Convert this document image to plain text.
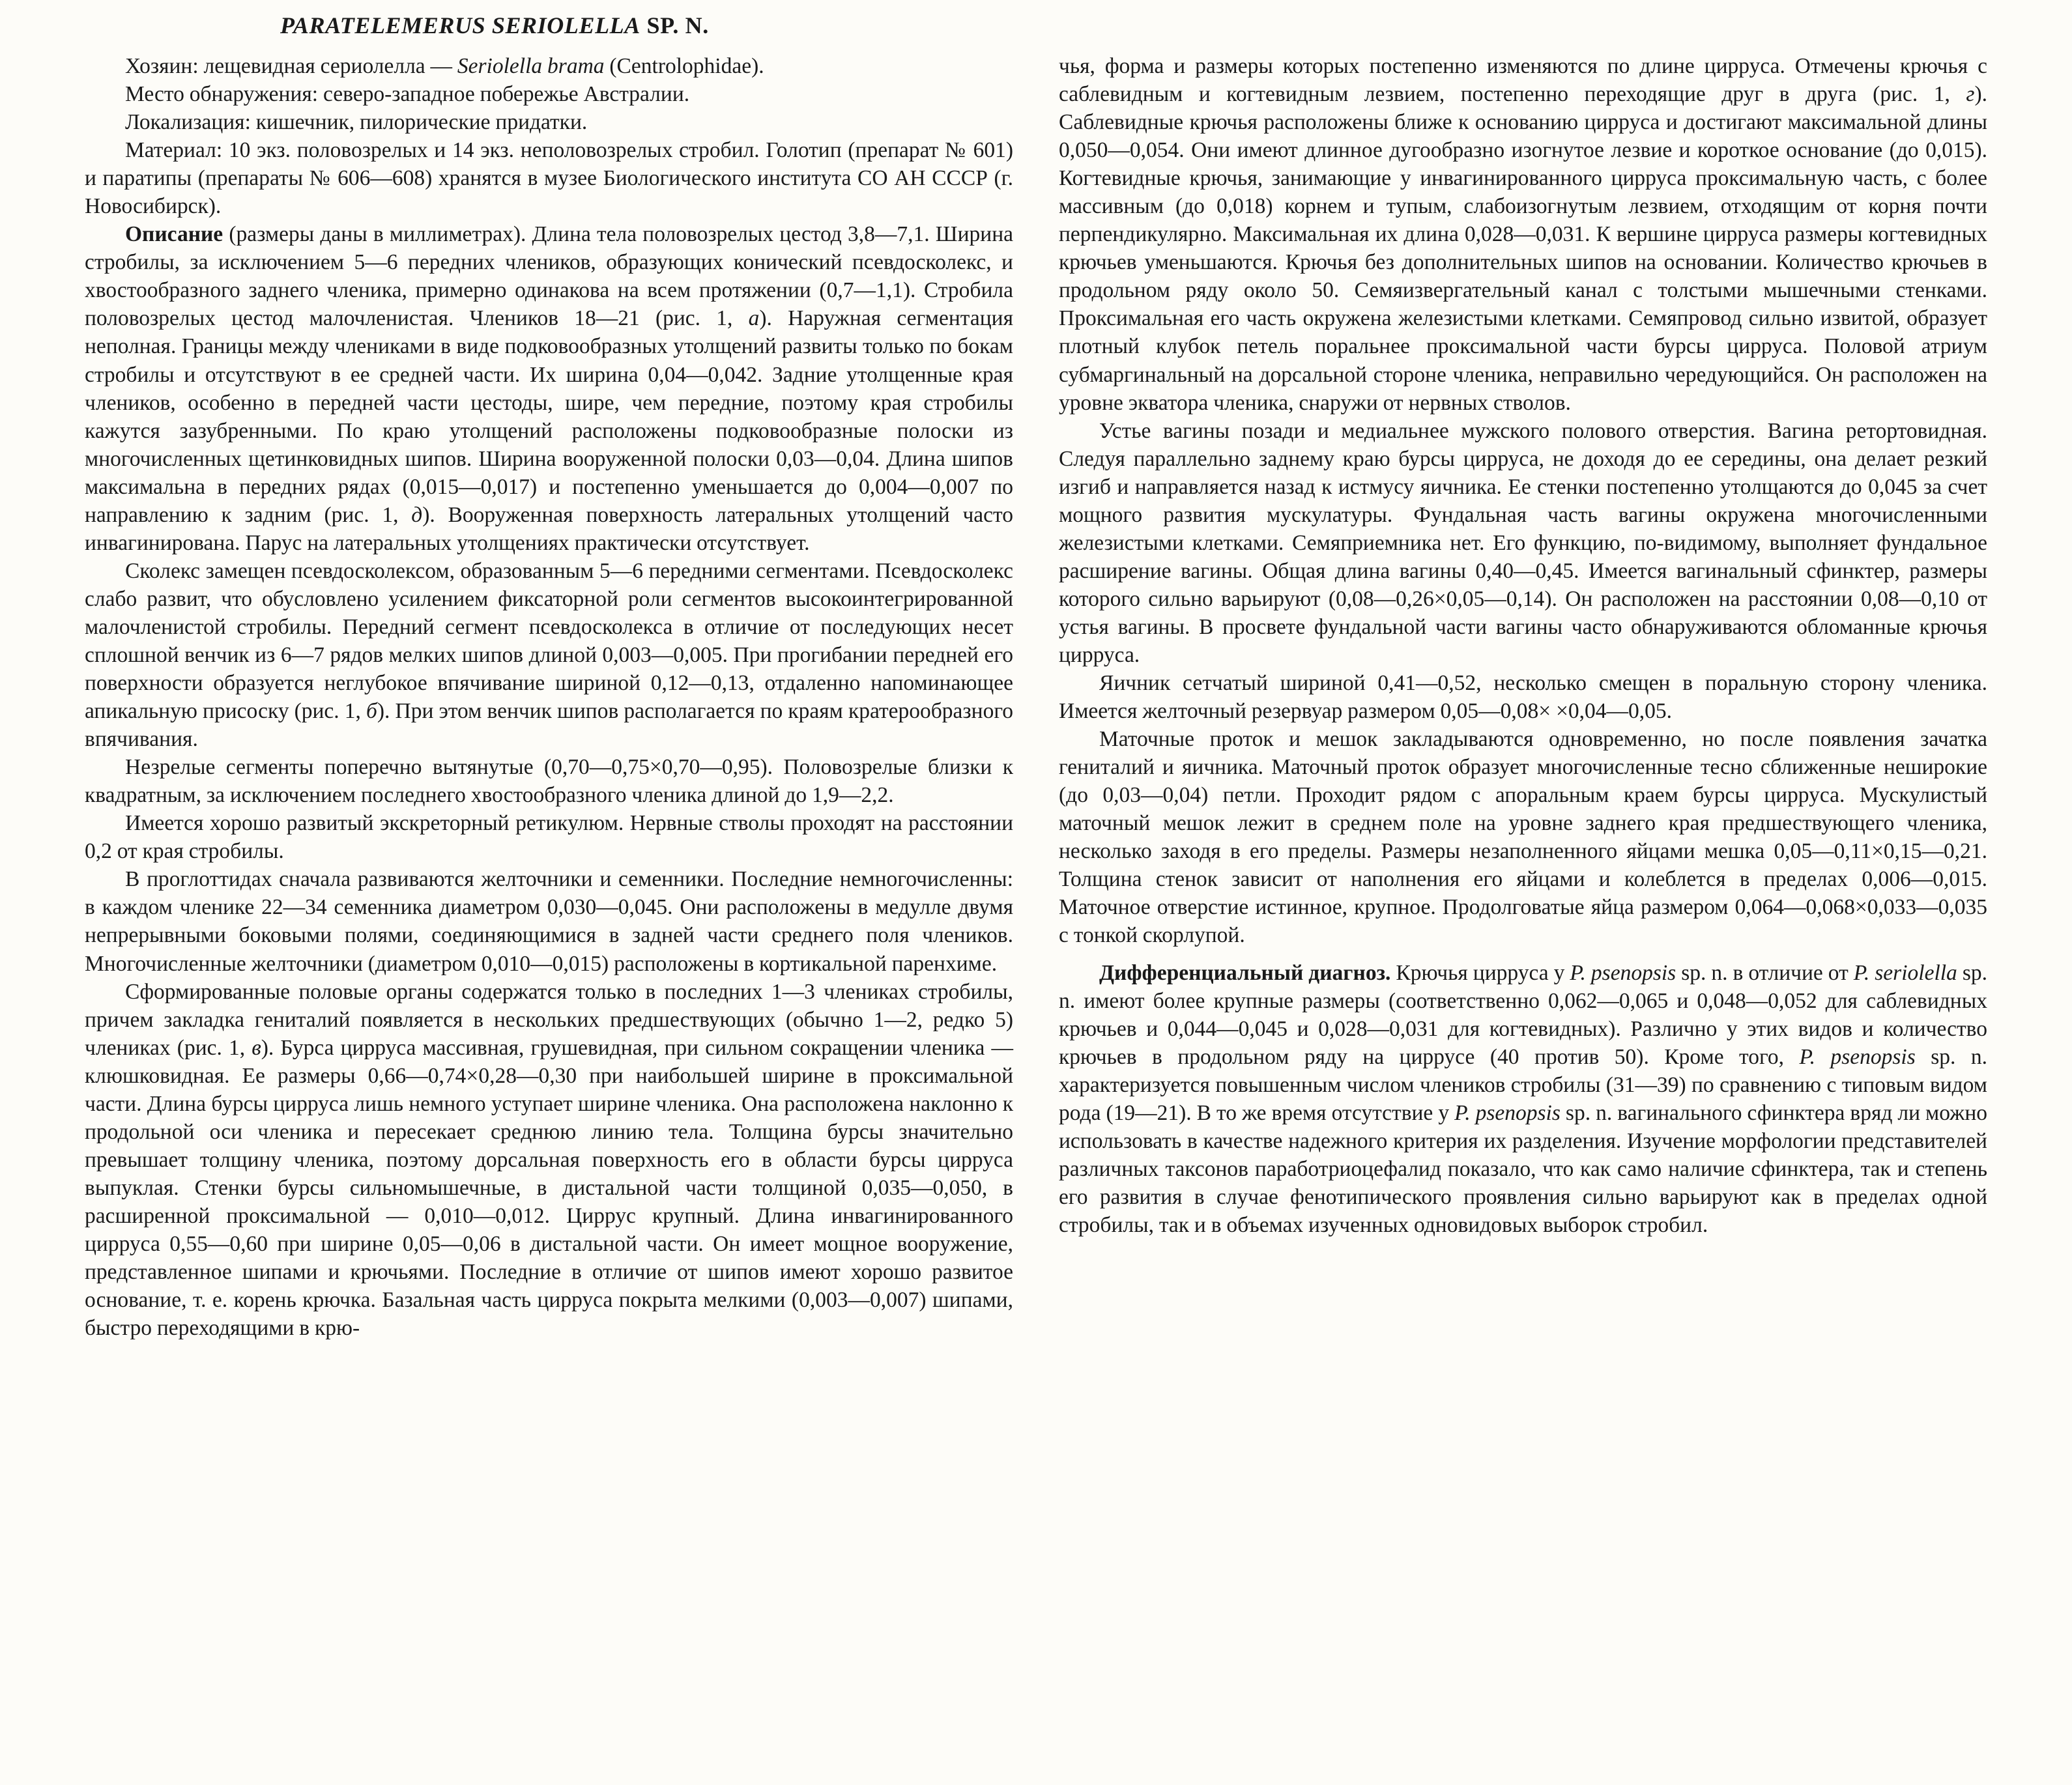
PARATELEMERUS SERIOLELLA SP. N.

Хозяин: лещевидная сериолелла — Seriolella brama (Centrolophidae).

Место обнаружения: северо-западное побережье Австралии.

Локализация: кишечник, пилорические придатки.

Материал: 10 экз. половозрелых и 14 экз. неполовозрелых стробил. Голотип (препарат № 601) и паратипы (препараты № 606—608) хранятся в музее Биологического института СО АН СССР (г. Новосибирск).

Описание (размеры даны в миллиметрах). Длина тела половозрелых цестод 3,8—7,1. Ширина стробилы, за исключением 5—6 передних члеников, образующих конический псевдосколекс, и хвостообразного заднего членика, примерно одинакова на всем протяжении (0,7—1,1). Стробила половозрелых цестод малочленистая. Члеников 18—21 (рис. 1, а). Наружная сегментация неполная. Границы между члениками в виде подковообразных утолщений развиты только по бокам стробилы и отсутствуют в ее средней части. Их ширина 0,04—0,042. Задние утолщенные края члеников, особенно в передней части цестоды, шире, чем передние, поэтому края стробилы кажутся зазубренными. По краю утолщений расположены подковообразные полоски из многочисленных щетинковидных шипов. Ширина вооруженной полоски 0,03—0,04. Длина шипов максимальна в передних рядах (0,015—0,017) и постепенно уменьшается до 0,004—0,007 по направлению к задним (рис. 1, д). Вооруженная поверхность латеральных утолщений часто инвагинирована. Парус на латеральных утолщениях практически отсутствует.

Сколекс замещен псевдосколексом, образованным 5—6 передними сегментами. Псевдосколекс слабо развит, что обусловлено усилением фиксаторной роли сегментов высокоинтегрированной малочленистой стробилы. Передний сегмент псевдосколекса в отличие от последующих несет сплошной венчик из 6—7 рядов мелких шипов длиной 0,003—0,005. При прогибании передней его поверхности образуется неглубокое впячивание шириной 0,12—0,13, отдаленно напоминающее апикальную присоску (рис. 1, б). При этом венчик шипов располагается по краям кратерообразного впячивания.

Незрелые сегменты поперечно вытянутые (0,70—0,75×0,70—0,95). Половозрелые близки к квадратным, за исключением последнего хвостообразного членика длиной до 1,9—2,2.

Имеется хорошо развитый экскреторный ретикулюм. Нервные стволы проходят на расстоянии 0,2 от края стробилы.

В проглоттидах сначала развиваются желточники и семенники. Последние немногочисленны: в каждом членике 22—34 семенника диаметром 0,030—0,045. Они расположены в медулле двумя непрерывными боковыми полями, соединяющимися в задней части среднего поля члеников. Многочисленные желточники (диаметром 0,010—0,015) расположены в кортикальной паренхиме.

Сформированные половые органы содержатся только в последних 1—3 члениках стробилы, причем закладка гениталий появляется в нескольких предшествующих (обычно 1—2, редко 5) члениках (рис. 1, в). Бурса цирруса массивная, грушевидная, при сильном сокращении членика — клюшковидная. Ее размеры 0,66—0,74×0,28—0,30 при наибольшей ширине в проксимальной части. Длина бурсы цирруса лишь немного уступает ширине членика. Она расположена наклонно к продольной оси членика и пересекает среднюю линию тела. Толщина бурсы значительно превышает толщину членика, поэтому дорсальная поверхность его в области бурсы цирруса выпуклая. Стенки бурсы сильномышечные, в дистальной части толщиной 0,035—0,050, в расширенной проксимальной — 0,010—0,012. Циррус крупный. Длина инвагинированного цирруса 0,55—0,60 при ширине 0,05—0,06 в дистальной части. Он имеет мощное вооружение, представленное шипами и крючьями. Последние в отличие от шипов имеют хорошо развитое основание, т. е. корень крючка. Базальная часть цирруса покрыта мелкими (0,003—0,007) шипами, быстро переходящими в крю-

чья, форма и размеры которых постепенно изменяются по длине цирруса. Отмечены крючья с саблевидным и когтевидным лезвием, постепенно переходящие друг в друга (рис. 1, г). Саблевидные крючья расположены ближе к основанию цирруса и достигают максимальной длины 0,050—0,054. Они имеют длинное дугообразно изогнутое лезвие и короткое основание (до 0,015). Когтевидные крючья, занимающие у инвагинированного цирруса проксимальную часть, с более массивным (до 0,018) корнем и тупым, слабоизогнутым лезвием, отходящим от корня почти перпендикулярно. Максимальная их длина 0,028—0,031. К вершине цирруса размеры когтевидных крючьев уменьшаются. Крючья без дополнительных шипов на основании. Количество крючьев в продольном ряду около 50. Семяизвергательный канал с толстыми мышечными стенками. Проксимальная его часть окружена железистыми клетками. Семяпровод сильно извитой, образует плотный клубок петель поральнее проксимальной части бурсы цирруса. Половой атриум субмаргинальный на дорсальной стороне членика, неправильно чередующийся. Он расположен на уровне экватора членика, снаружи от нервных стволов.

Устье вагины позади и медиальнее мужского полового отверстия. Вагина ретортовидная. Следуя параллельно заднему краю бурсы цирруса, не доходя до ее середины, она делает резкий изгиб и направляется назад к истмусу яичника. Ее стенки постепенно утолщаются до 0,045 за счет мощного развития мускулатуры. Фундальная часть вагины окружена многочисленными железистыми клетками. Семяприемника нет. Его функцию, по-видимому, выполняет фундальное расширение вагины. Общая длина вагины 0,40—0,45. Имеется вагинальный сфинктер, размеры которого сильно варьируют (0,08—0,26×0,05—0,14). Он расположен на расстоянии 0,08—0,10 от устья вагины. В просвете фундальной части вагины часто обнаруживаются обломанные крючья цирруса.

Яичник сетчатый шириной 0,41—0,52, несколько смещен в поральную сторону членика. Имеется желточный резервуар размером 0,05—0,08× ×0,04—0,05.

Маточные проток и мешок закладываются одновременно, но после появления зачатка гениталий и яичника. Маточный проток образует многочисленные тесно сближенные неширокие (до 0,03—0,04) петли. Проходит рядом с апоральным краем бурсы цирруса. Мускулистый маточный мешок лежит в среднем поле на уровне заднего края предшествующего членика, несколько заходя в его пределы. Размеры незаполненного яйцами мешка 0,05—0,11×0,15—0,21. Толщина стенок зависит от наполнения его яйцами и колеблется в пределах 0,006—0,015. Маточное отверстие истинное, крупное. Продолговатые яйца размером 0,064—0,068×0,033—0,035 с тонкой скорлупой.

Дифференциальный диагноз. Крючья цирруса у P. psenopsis sp. n. в отличие от P. seriolella sp. n. имеют более крупные размеры (соответственно 0,062—0,065 и 0,048—0,052 для саблевидных крючьев и 0,044—0,045 и 0,028—0,031 для когтевидных). Различно у этих видов и количество крючьев в продольном ряду на циррусе (40 против 50). Кроме того, P. psenopsis sp. n. характеризуется повышенным числом члеников стробилы (31—39) по сравнению с типовым видом рода (19—21). В то же время отсутствие у P. psenopsis sp. n. вагинального сфинктера вряд ли можно использовать в качестве надежного критерия их разделения. Изучение морфологии представителей различных таксонов паработриоцефалид показало, что как само наличие сфинктера, так и степень его развития в случае фенотипического проявления сильно варьируют как в пределах одной стробилы, так и в объемах изученных одновидовых выборок стробил.
